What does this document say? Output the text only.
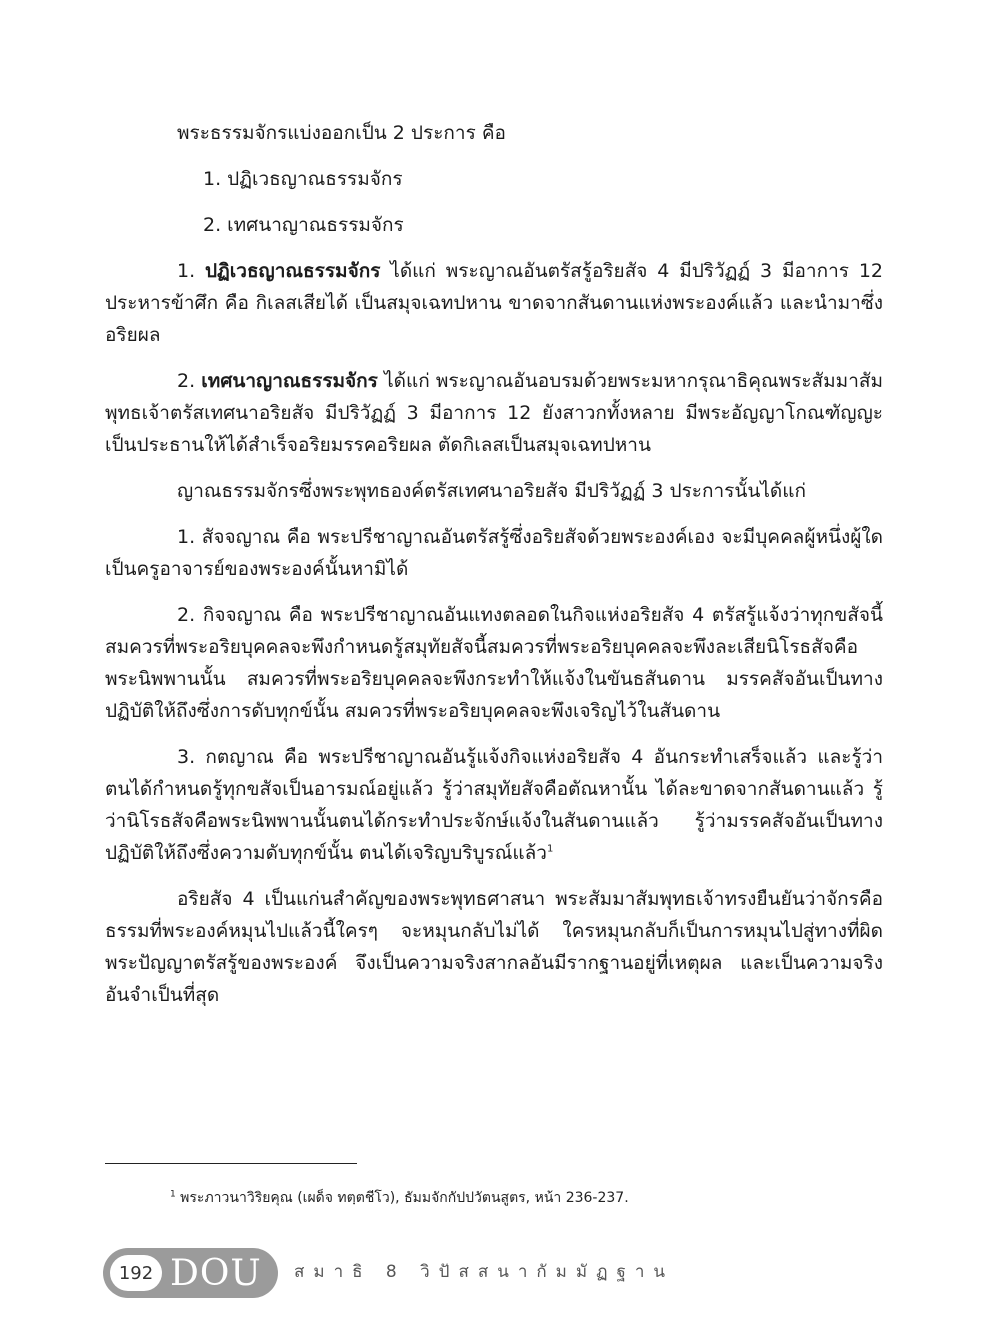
พระธรรมจักรแบ่งออกเป็น 2 ประการ คือ

1. ปฏิเวธญาณธรรมจักร

2. เทศนาญาณธรรมจักร

1. ปฏิเวธญาณธรรมจักร ได้แก่ พระญาณอันตรัสรู้อริยสัจ 4 มีปริวัฏฏ์ 3 มีอาการ 12 ประหารข้าศึก คือ กิเลสเสียได้ เป็นสมุจเฉทปหาน ขาดจากสันดานแห่งพระองค์แล้ว และนำมาซึ่งอริยผล

2. เทศนาญาณธรรมจักร ได้แก่ พระญาณอันอบรมด้วยพระมหากรุณาธิคุณพระสัมมาสัมพุทธเจ้าตรัสเทศนาอริยสัจ มีปริวัฏฏ์ 3 มีอาการ 12 ยังสาวกทั้งหลาย มีพระอัญญาโกณฑัญญะเป็นประธานให้ได้สำเร็จอริยมรรคอริยผล ตัดกิเลสเป็นสมุจเฉทปหาน

ญาณธรรมจักรซึ่งพระพุทธองค์ตรัสเทศนาอริยสัจ มีปริวัฏฏ์ 3 ประการนั้นได้แก่

1. สัจจญาณ คือ พระปรีชาญาณอันตรัสรู้ซึ่งอริยสัจด้วยพระองค์เอง จะมีบุคคลผู้หนึ่งผู้ใดเป็นครูอาจารย์ของพระองค์นั้นหามิได้

2. กิจจญาณ คือ พระปรีชาญาณอันแทงตลอดในกิจแห่งอริยสัจ 4 ตรัสรู้แจ้งว่าทุกขสัจนี้สมควรที่พระอริยบุคคลจะพึงกำหนดรู้สมุทัยสัจนี้สมควรที่พระอริยบุคคลจะพึงละเสียนิโรธสัจคือพระนิพพานนั้น สมควรที่พระอริยบุคคลจะพึงกระทำให้แจ้งในขันธสันดาน มรรคสัจอันเป็นทางปฏิบัติให้ถึงซึ่งการดับทุกข์นั้น สมควรที่พระอริยบุคคลจะพึงเจริญไว้ในสันดาน

3. กตญาณ คือ พระปรีชาญาณอันรู้แจ้งกิจแห่งอริยสัจ 4 อันกระทำเสร็จแล้ว และรู้ว่าตนได้กำหนดรู้ทุกขสัจเป็นอารมณ์อยู่แล้ว รู้ว่าสมุทัยสัจคือตัณหานั้น ได้ละขาดจากสันดานแล้ว รู้ว่านิโรธสัจคือพระนิพพานนั้นตนได้กระทำประจักษ์แจ้งในสันดานแล้ว รู้ว่ามรรคสัจอันเป็นทางปฏิบัติให้ถึงซึ่งความดับทุกข์นั้น ตนได้เจริญบริบูรณ์แล้ว$^1$

อริยสัจ 4 เป็นแก่นสำคัญของพระพุทธศาสนา พระสัมมาสัมพุทธเจ้าทรงยืนยันว่าจักรคือธรรมที่พระองค์หมุนไปแล้วนี้ใครๆ จะหมุนกลับไม่ได้ ใครหมุนกลับก็เป็นการหมุนไปสู่ทางที่ผิด พระปัญญาตรัสรู้ของพระองค์ จึงเป็นความจริงสากลอันมีรากฐานอยู่ที่เหตุผล และเป็นความจริงอันจำเป็นที่สุด

$^1$ พระภาวนาวิริยคุณ (เผด็จ ทตฺตชีโว), ธัมมจักกัปปวัตนสูตร, หน้า 236-237.

192 DOU สมาธิ 8 วิปัสสนากัมมัฏฐาน
